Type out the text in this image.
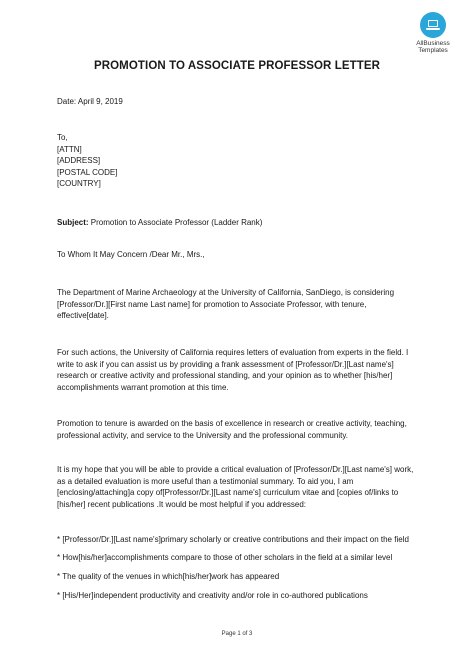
AllBusiness
Templates
PROMOTION TO ASSOCIATE PROFESSOR LETTER
Date: April 9, 2019
To,
[ATTN]
[ADDRESS]
[POSTAL CODE]
[COUNTRY]
Subject: Promotion to Associate Professor (Ladder Rank)
To Whom It May Concern /Dear Mr., Mrs.,
The Department of Marine Archaeology at the University of California, SanDiego, is considering
[Professor/Dr.][First name Last name] for promotion to Associate Professor, with tenure,
effective[date].
For such actions, the University of California requires letters of evaluation from experts in the field. I
write to ask if you can assist us by providing a frank assessment of [Professor/Dr.][Last name's]
research or creative activity and professional standing, and your opinion as to whether [his/her]
accomplishments warrant promotion at this time.
Promotion to tenure is awarded on the basis of excellence in research or creative activity, teaching,
professional activity, and service to the University and the professional community.
It is my hope that you will be able to provide a critical evaluation of [Professor/Dr.][Last name's] work,
as a detailed evaluation is more useful than a testimonial summary. To aid you, I am
[enclosing/attaching]a copy of[Professor/Dr.][Last name's] curriculum vitae and [copies of/links to
[his/her] recent publications .It would be most helpful if you addressed:
* [Professor/Dr.][Last name's]primary scholarly or creative contributions and their impact on the field
* How[his/her]accomplishments compare to those of other scholars in the field at a similar level
* The quality of the venues in which[his/her]work has appeared
* [His/Her]independent productivity and creativity and/or role in co-authored publications
Page 1 of 3
